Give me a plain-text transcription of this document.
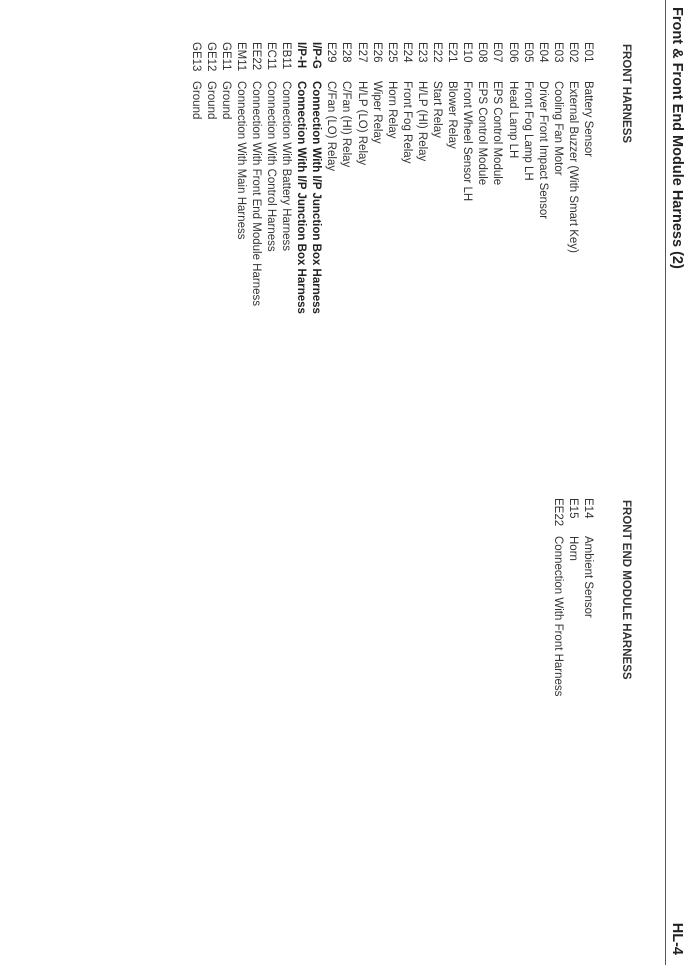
Front & Front End Module Harness (2)
HL-4
FRONT HARNESS
E01
Battery Sensor
E02
External Buzzer (With Smart Key)
E03
Cooling Fan Motor
E04
Driver Front Impact Sensor
E05
Front Fog Lamp LH
E06
Head Lamp LH
E07
EPS Control Module
E08
EPS Control Module
E10
Front Wheel Sensor LH
E21
Blower Relay
E22
Start Relay
E23
H/LP (HI) Relay
E24
Front Fog Relay
E25
Horn Relay
E26
Wiper Relay
E27
H/LP (LO) Relay
E28
C/Fan (HI) Relay
E29
C/Fan (LO) Relay
I/P-G
Connection With I/P Junction Box Harness
I/P-H
Connection With I/P Junction Box Harness
EB11
Connection With Battery Harness
EC11
Connection With Control Harness
EE22
Connection With Front End Module Harness
EM11
Connection With Main Harness
GE11
Ground
GE12
Ground
GE13
Ground
FRONT END MODULE HARNESS
E14
Ambient Sensor
E15
Horn
EE22
Connection With Front Harness
